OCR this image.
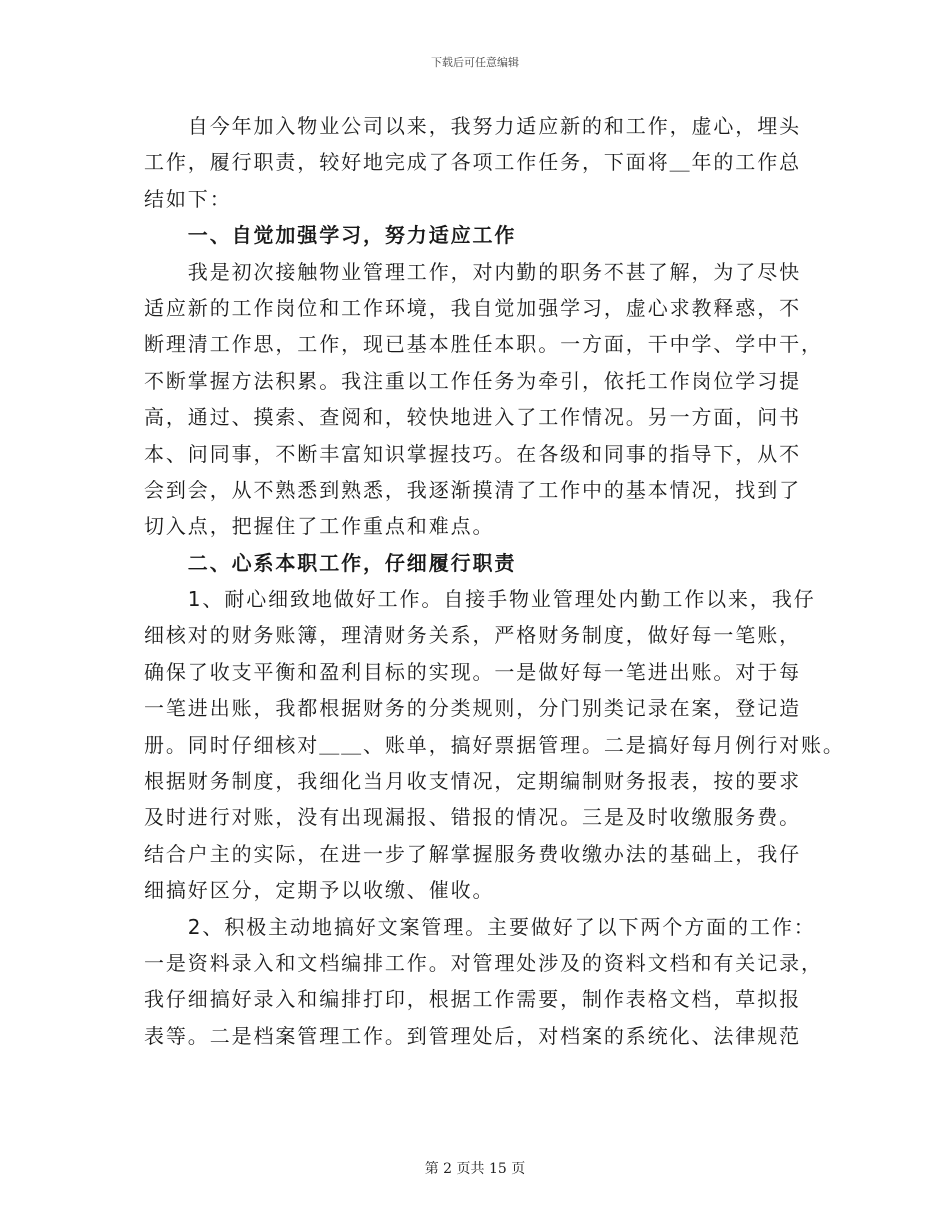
下载后可任意编辑
　　自今年加入物业公司以来，我努力适应新的和工作，虚心，埋头
工作，履行职责，较好地完成了各项工作任务，下面将＿年的工作总
结如下：
　　一、自觉加强学习，努力适应工作
　　我是初次接触物业管理工作，对内勤的职务不甚了解，为了尽快
适应新的工作岗位和工作环境，我自觉加强学习，虚心求教释惑，不
断理清工作思，工作，现已基本胜任本职。一方面，干中学、学中干，
不断掌握方法积累。我注重以工作任务为牵引，依托工作岗位学习提
高，通过、摸索、查阅和，较快地进入了工作情况。另一方面，问书
本、问同事，不断丰富知识掌握技巧。在各级和同事的指导下，从不
会到会，从不熟悉到熟悉，我逐渐摸清了工作中的基本情况，找到了
切入点，把握住了工作重点和难点。
　　二、心系本职工作，仔细履行职责
　　1、耐心细致地做好工作。自接手物业管理处内勤工作以来，我仔
细核对的财务账簿，理清财务关系，严格财务制度，做好每一笔账，
确保了收支平衡和盈利目标的实现。一是做好每一笔进出账。对于每
一笔进出账，我都根据财务的分类规则，分门别类记录在案，登记造
册。同时仔细核对＿＿、账单，搞好票据管理。二是搞好每月例行对账。
根据财务制度，我细化当月收支情况，定期编制财务报表，按的要求
及时进行对账，没有出现漏报、错报的情况。三是及时收缴服务费。
结合户主的实际，在进一步了解掌握服务费收缴办法的基础上，我仔
细搞好区分，定期予以收缴、催收。
　　2、积极主动地搞好文案管理。主要做好了以下两个方面的工作：
一是资料录入和文档编排工作。对管理处涉及的资料文档和有关记录，
我仔细搞好录入和编排打印，根据工作需要，制作表格文档，草拟报
表等。二是档案管理工作。到管理处后，对档案的系统化、法律规范
第 2 页共 15 页
